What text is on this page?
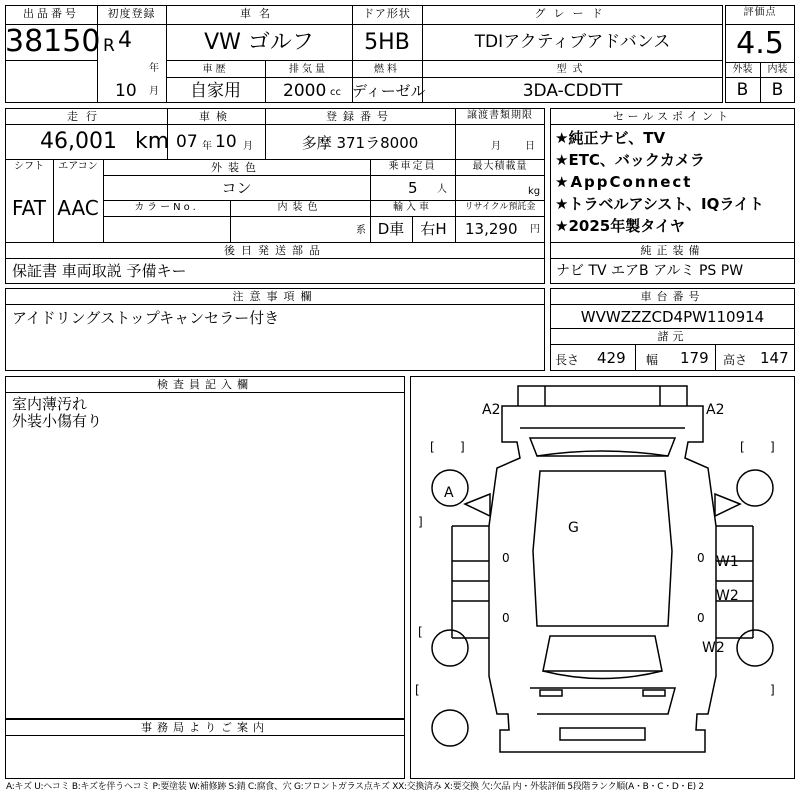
出品番号
38150
初度登録
R 4
年
10 月
車名
VW ゴルフ
ドア形状
5HB
グレード
TDIアクティブアドバンス
車歴
自家用
排気量
2000 cc
燃料
ディーゼル
型式
3DA-CDDTT
評価点
4.5
外装	内装
B	B
走行
46,001 km
車検
07 年 10 月
登録番号
多摩 371ラ8000
譲渡書類期限
月 日
シフト
FAT
エアコン
AAC
外装色
コン
カラーNo.	内装色
系
乗車定員
5 人
最大積載量
kg
輸入車
D車	右H
リサイクル預託金
13,290 円
後日発送部品
保証書 車両取説 予備キー
セールスポイント
★純正ナビ、TV
★ETC、バックカメラ
★AppConnect
★トラベルアシスト、IQライト
★2025年製タイヤ
純正装備
ナビ TV エアB アルミ PS PW
注意事項欄
アイドリングストップキャンセラー付き
車台番号
WVWZZZCD4PW110914
諸元
長さ 429 幅 179 高さ 147
検査員記入欄
室内薄汚れ
外装小傷有り
事務局よりご案内
[ ]	[ ]
[	]
[
]
0
0
0
0
A2	A2
A
G
W1
W2
W2
A:キズ U:ヘコミ B:キズを伴うヘコミ P:要塗装 W:補修跡 S:錆 C:腐食、穴 G:フロントガラス点キズ XX:交換済み X:要交換 欠:欠品 内・外装評価 5段階ランク順(A・B・C・D・E) 2
